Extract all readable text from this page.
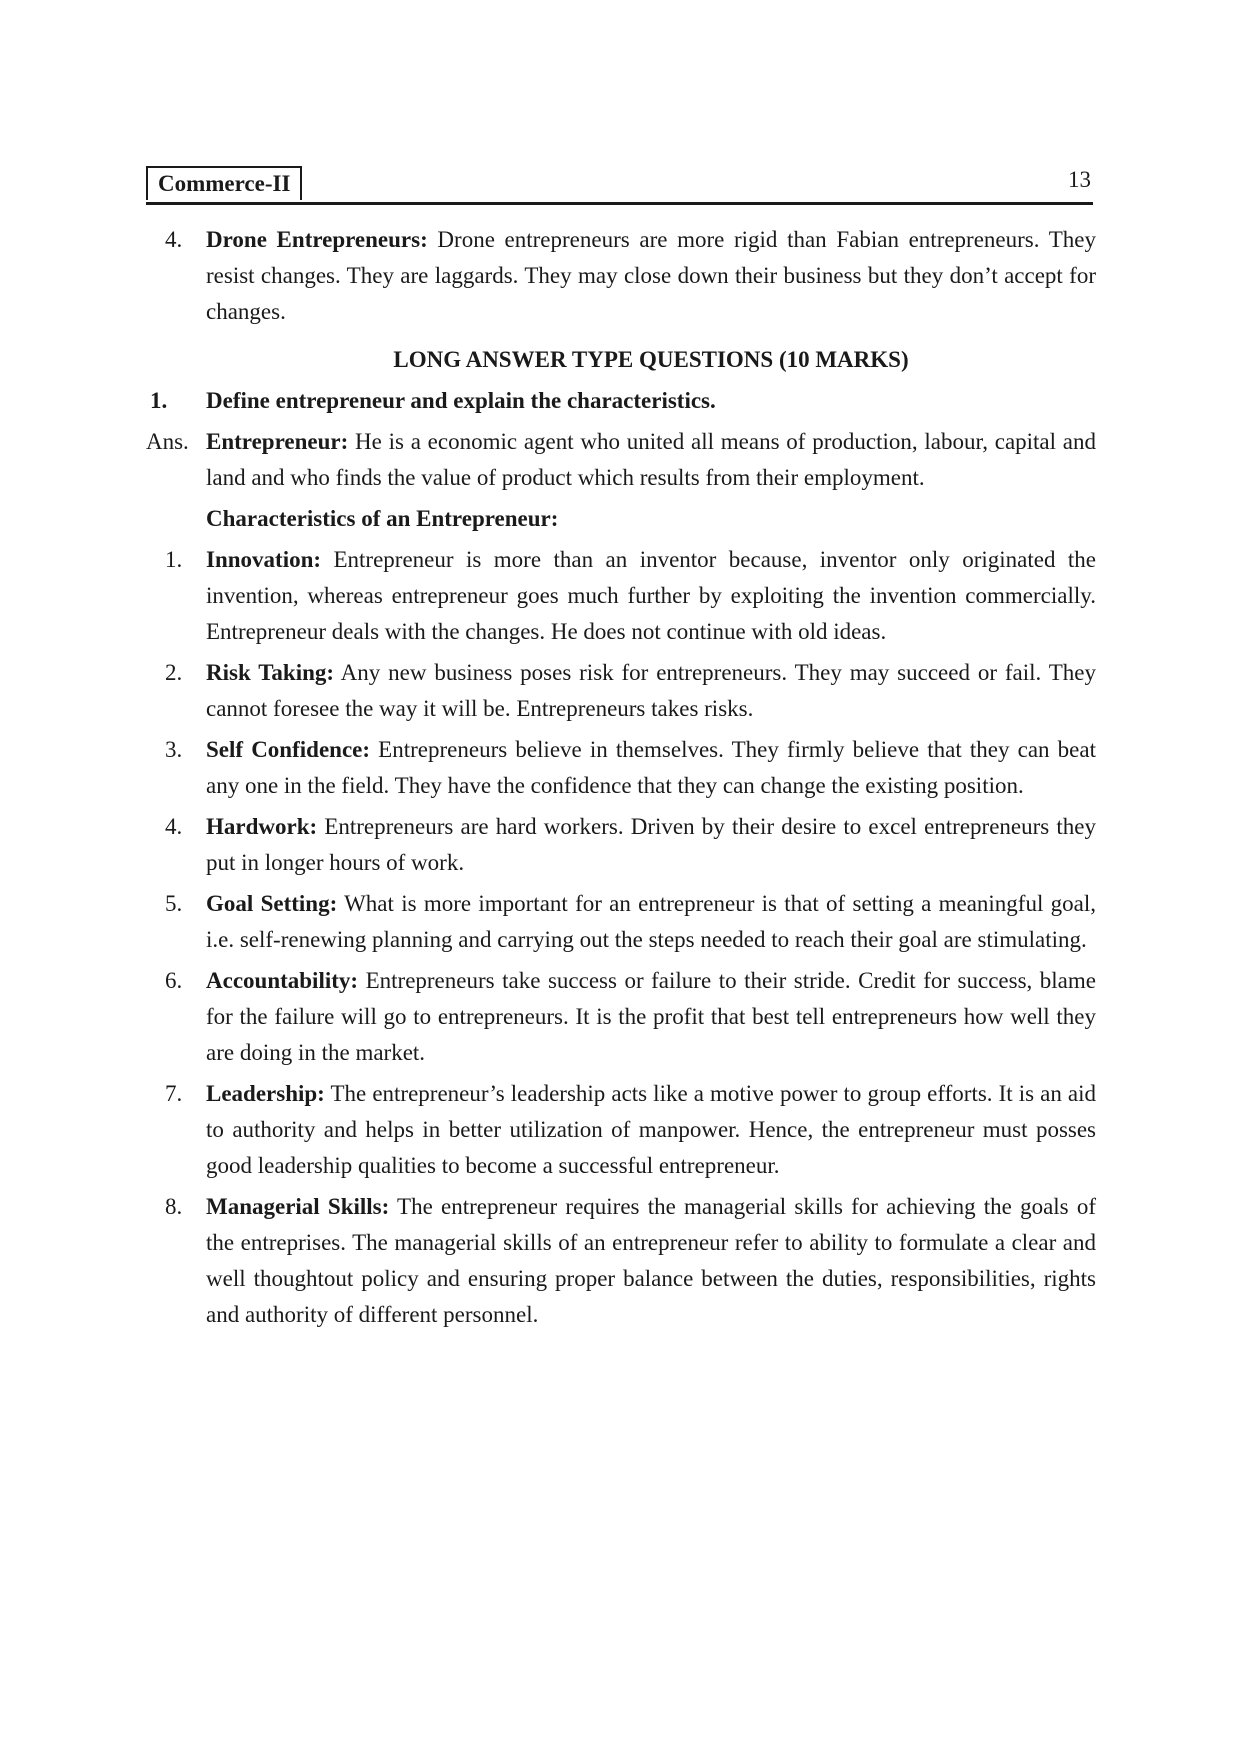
Commerce-II	13
4. Drone Entrepreneurs: Drone entrepreneurs are more rigid than Fabian entrepreneurs. They resist changes. They are laggards. They may close down their business but they don’t accept for changes.
LONG ANSWER TYPE QUESTIONS (10 MARKS)
1. Define entrepreneur and explain the characteristics.
Ans. Entrepreneur: He is a economic agent who united all means of production, labour, capital and land and who finds the value of product which results from their employment.
Characteristics of an Entrepreneur:
1. Innovation: Entrepreneur is more than an inventor because, inventor only originated the invention, whereas entrepreneur goes much further by exploiting the invention commercially. Entrepreneur deals with the changes. He does not continue with old ideas.
2. Risk Taking: Any new business poses risk for entrepreneurs. They may succeed or fail. They cannot foresee the way it will be. Entrepreneurs takes risks.
3. Self Confidence: Entrepreneurs believe in themselves. They firmly believe that they can beat any one in the field. They have the confidence that they can change the existing position.
4. Hardwork: Entrepreneurs are hard workers. Driven by their desire to excel entrepreneurs they put in longer hours of work.
5. Goal Setting: What is more important for an entrepreneur is that of setting a meaningful goal, i.e. self-renewing planning and carrying out the steps needed to reach their goal are stimulating.
6. Accountability: Entrepreneurs take success or failure to their stride. Credit for success, blame for the failure will go to entrepreneurs. It is the profit that best tell entrepreneurs how well they are doing in the market.
7. Leadership: The entrepreneur’s leadership acts like a motive power to group efforts. It is an aid to authority and helps in better utilization of manpower. Hence, the entrepreneur must posses good leadership qualities to become a successful entrepreneur.
8. Managerial Skills: The entrepreneur requires the managerial skills for achieving the goals of the entreprises. The managerial skills of an entrepreneur refer to ability to formulate a clear and well thoughtout policy and ensuring proper balance between the duties, responsibilities, rights and authority of different personnel.
